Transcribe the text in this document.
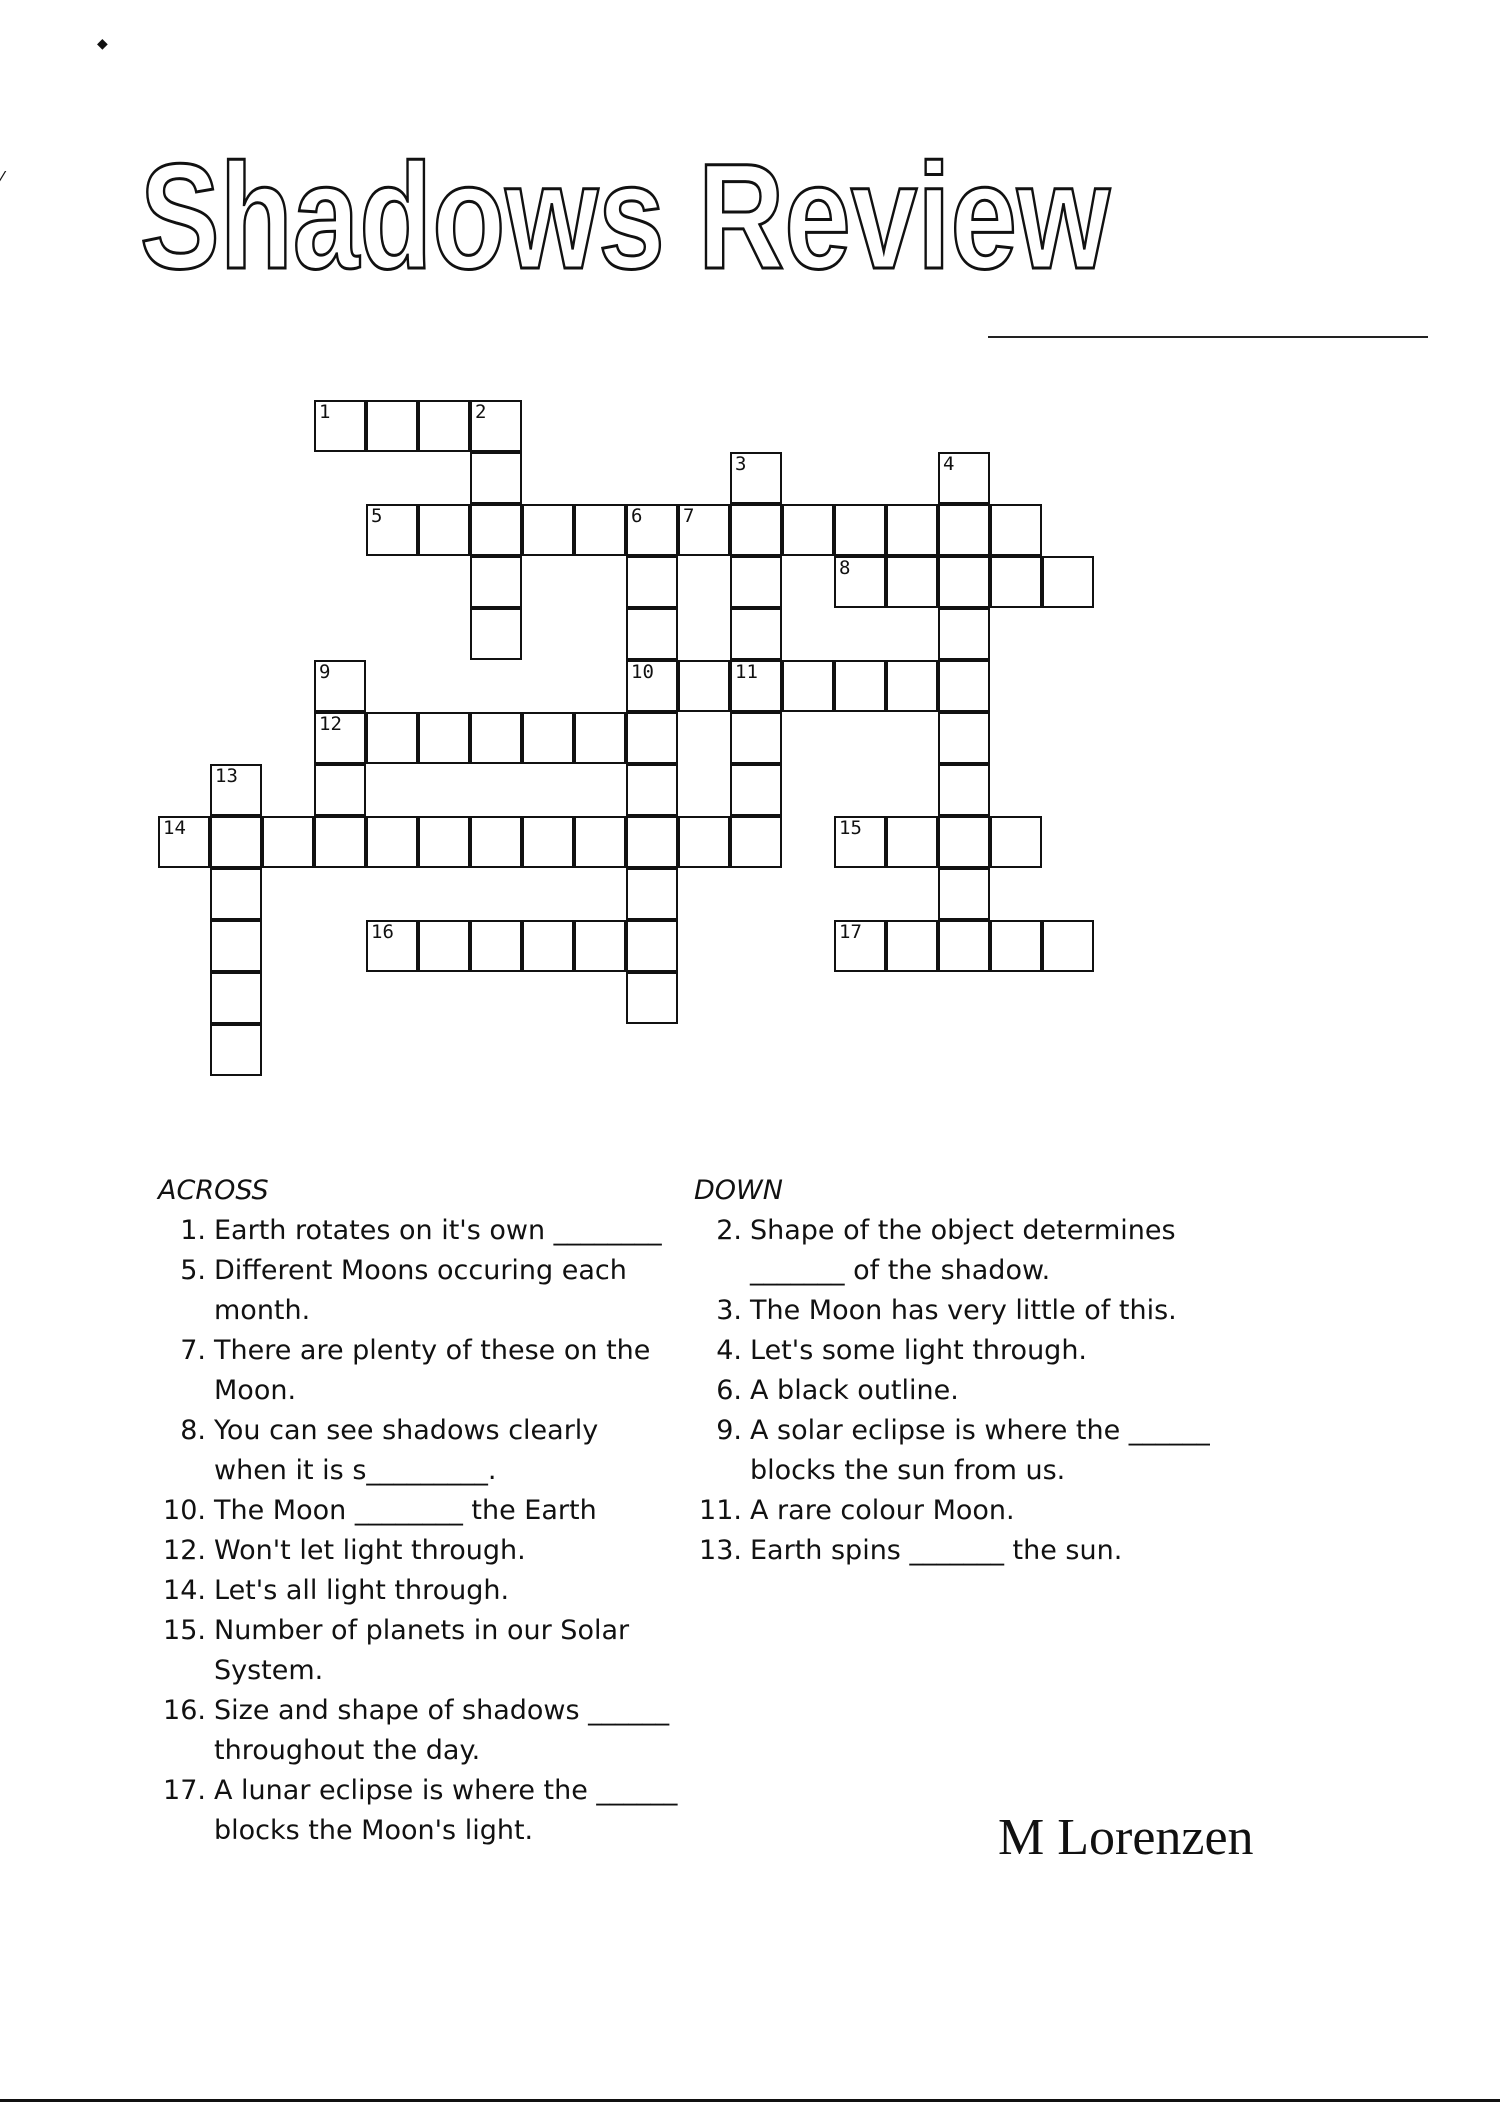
Shadows Review
◆
⁄
1	2
3
11
4
5	6
10
7
8
12
9
13
14	15
16	17
ACROSS
1. Earth rotates on it's own ________
5. Different Moons occuring each month.
7. There are plenty of these on the Moon.
8. You can see shadows clearly when it is s_________.
10. The Moon ________ the Earth
12. Won't let light through.
14. Let's all light through.
15. Number of planets in our Solar System.
16. Size and shape of shadows ______ throughout the day.
17. A lunar eclipse is where the ______ blocks the Moon's light.
DOWN
2. Shape of the object determines _______ of the shadow.
3. The Moon has very little of this.
4. Let's some light through.
6. A black outline.
9. A solar eclipse is where the ______ blocks the sun from us.
11. A rare colour Moon.
13. Earth spins _______ the sun.
M Lorenzen
